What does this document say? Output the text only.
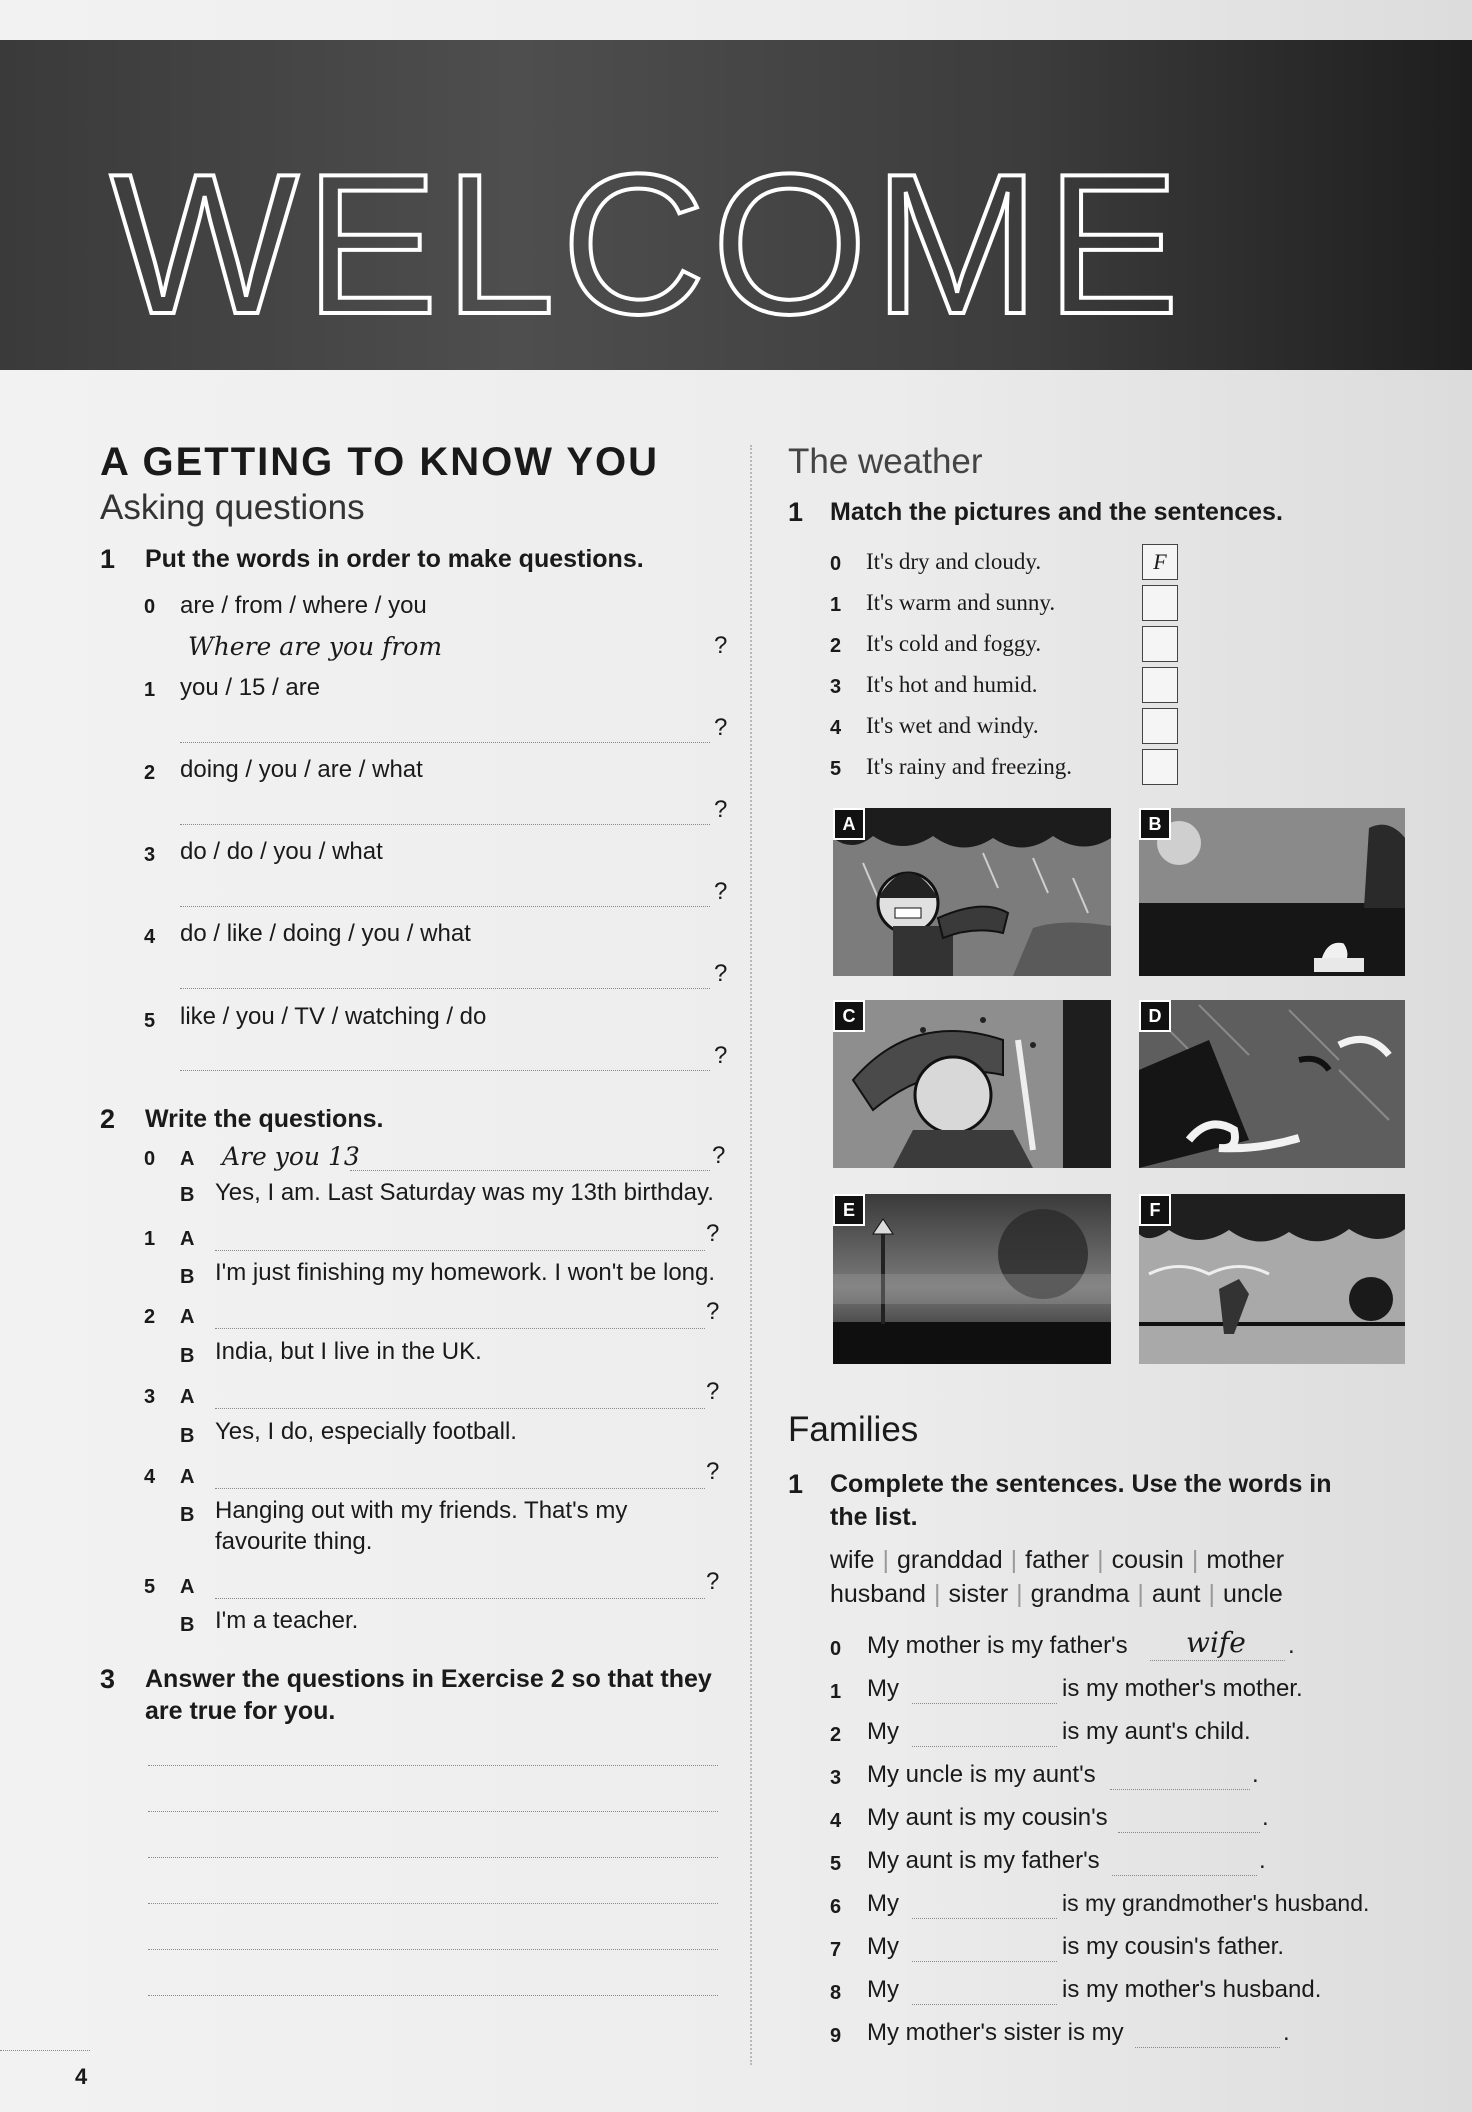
WELCOME
A GETTING TO KNOW YOU
Asking questions
1 Put the words in order to make questions.
0 are / from / where / you
Where are you from	?
1 you / 15 / are
?
2 doing / you / are / what
?
3 do / do / you / what
?
4 do / like / doing / you / what
?
5 like / you / TV / watching / do
?
2 Write the questions.
0 A Are you 13	?
B Yes, I am. Last Saturday was my 13th birthday.
1 A	?
B I'm just finishing my homework. I won't be long.
2 A	?
B India, but I live in the UK.
3 A	?
B Yes, I do, especially football.
4 A	?
B Hanging out with my friends. That's my
favourite thing.
5 A	?
B I'm a teacher.
3 Answer the questions in Exercise 2 so that they
are true for you.
The weather
1 Match the pictures and the sentences.
0 It's dry and cloudy.	F
1 It's warm and sunny.
2 It's cold and foggy.
3 It's hot and humid.
4 It's wet and windy.
5 It's rainy and freezing.
A	B
C	D
E	F
Families
1 Complete the sentences. Use the words in
the list.
wife | granddad | father | cousin | mother
husband | sister | grandma | aunt | uncle
0 My mother is my father's wife .
1 My	is my mother's mother.
2 My	is my aunt's child.
3 My uncle is my aunt's	.
4 My aunt is my cousin's	.
5 My aunt is my father's	.
6 My	is my grandmother's husband.
7 My	is my cousin's father.
8 My	is my mother's husband.
9 My mother's sister is my	.
4
